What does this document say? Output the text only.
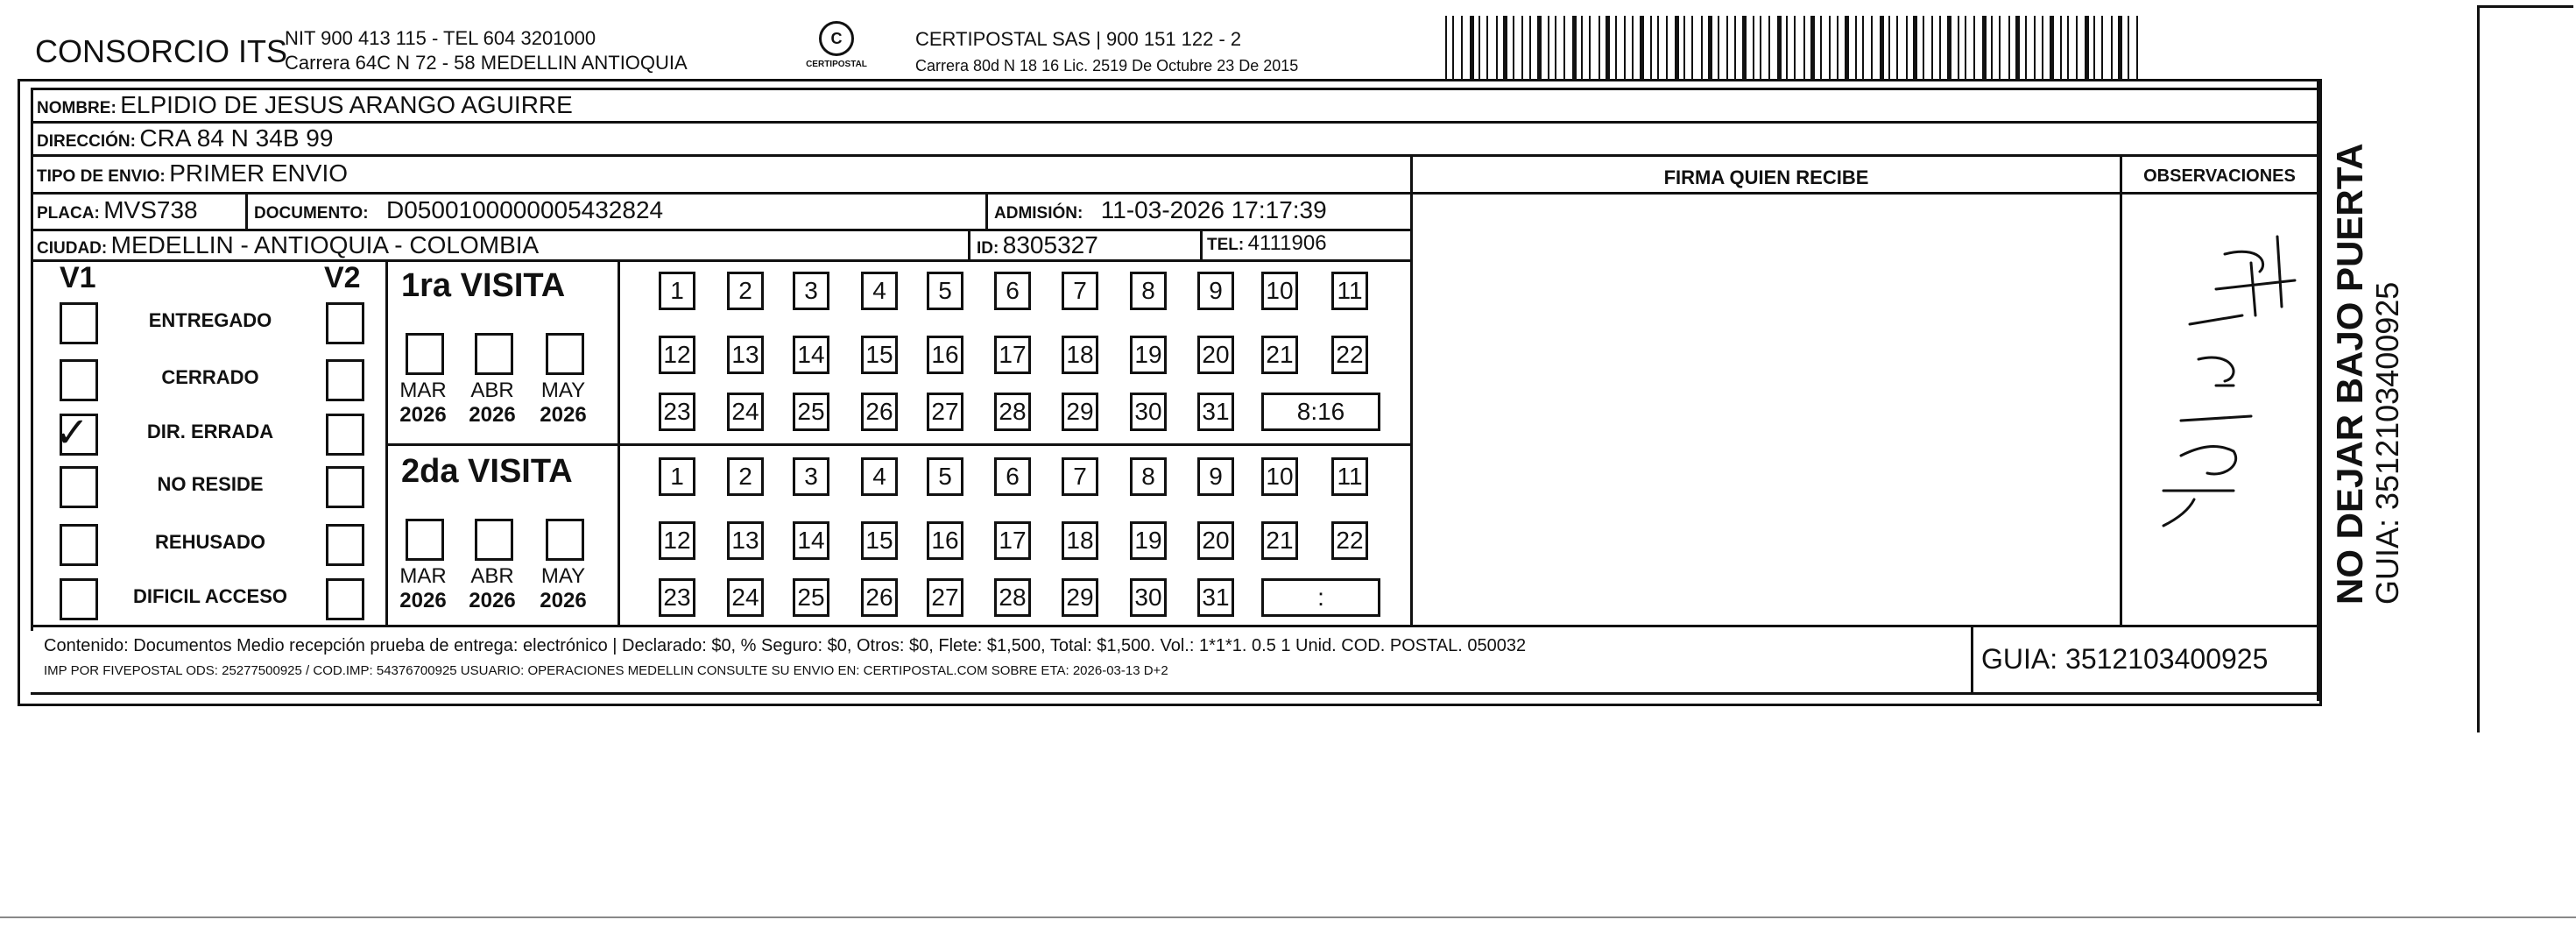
CONSORCIO ITS
NIT 900 413 115 - TEL 604 3201000
Carrera 64C N 72 - 58 MEDELLIN ANTIOQUIA
C
CERTIPOSTAL
CERTIPOSTAL SAS | 900 151 122 - 2
Carrera 80d N 18 16 Lic. 2519 De Octubre 23 De 2015
NOMBRE: ELPIDIO DE JESUS ARANGO AGUIRRE
DIRECCIÓN: CRA 84 N 34B 99
TIPO DE ENVIO: PRIMER ENVIO
PLACA: MVS738	DOCUMENTO: D0500100000005432824	ADMISIÓN: 11-03-2026 17:17:39
CIUDAD: MEDELLIN - ANTIOQUIA - COLOMBIA	ID: 8305327	TEL: 4111906
FIRMA QUIEN RECIBE	OBSERVACIONES
V1	V2
ENTREGADO
CERRADO
DIR. ERRADA
✓
NO RESIDE
REHUSADO
DIFICIL ACCESO
1ra VISITA
2da VISITA
1	2	3	4	5	6	7	8	9	10 11
12 13 14 15 16 17 18 19 20 21 22
23 24 25 26 27 28 29 30 31	8:16
MAR
2026
ABR
2026
MAY
2026
1	2	3	4	5	6	7	8	9	10 11
12 13 14 15 16 17 18 19 20 21 22
23 24 25 26 27 28 29 30 31	:
MAR
2026
ABR
2026
MAY
2026
Contenido: Documentos Medio recepción prueba de entrega: electrónico | Declarado: $0, % Seguro: $0, Otros: $0, Flete: $1,500, Total: $1,500. Vol.: 1*1*1. 0.5 1 Unid. COD. POSTAL. 050032
IMP POR FIVEPOSTAL ODS: 25277500925 / COD.IMP: 54376700925 USUARIO: OPERACIONES MEDELLIN CONSULTE SU ENVIO EN: CERTIPOSTAL.COM SOBRE ETA: 2026-03-13 D+2	GUIA: 3512103400925
NO DEJAR BAJO PUERTA GUIA: 3512103400925
